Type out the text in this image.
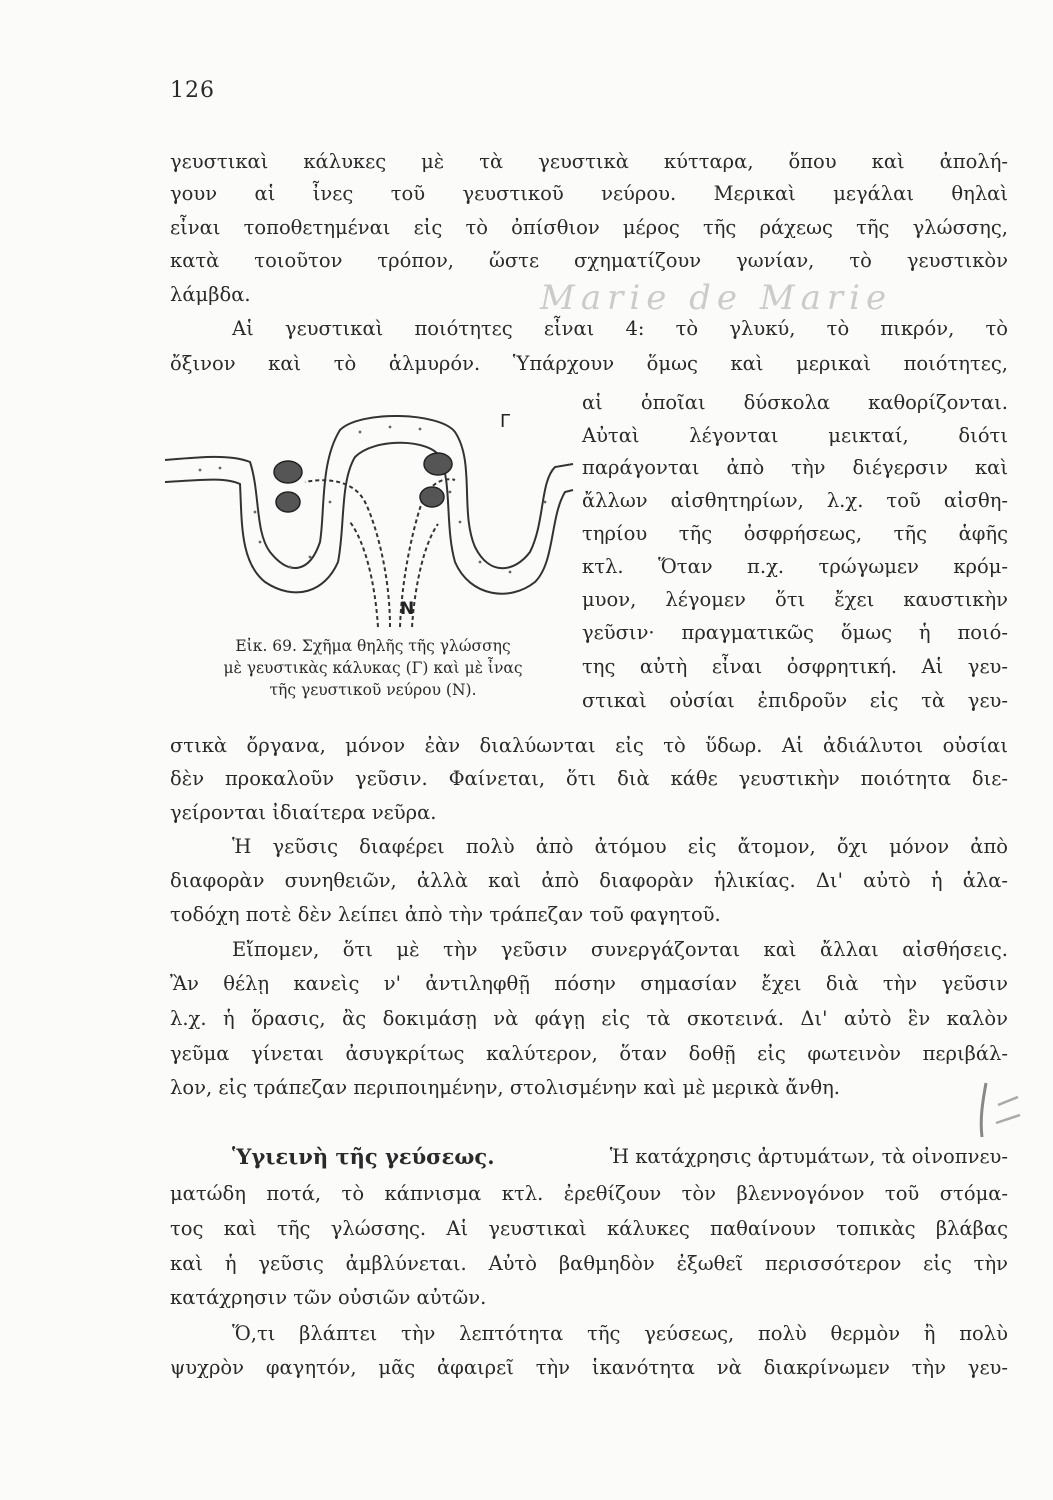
126
Marie de Marie
γευστικαὶ κάλυκες μὲ τὰ γευστικὰ κύτταρα, ὅπου καὶ ἀπολή-
γουν αἱ ἶνες τοῦ γευστικοῦ νεύρου. Μερικαὶ μεγάλαι θηλαὶ
εἶναι τοποθετημέναι εἰς τὸ ὀπίσθιον μέρος τῆς ράχεως τῆς γλώσσης,
κατὰ τοιοῦτον τρόπον, ὥστε σχηματίζουν γωνίαν, τὸ γευστικὸν
λάμβδα.
Αἱ γευστικαὶ ποιότητες εἶναι 4: τὸ γλυκύ, τὸ πικρόν, τὸ
ὄξινον καὶ τὸ ἁλμυρόν. Ὑπάρχουν ὅμως καὶ μερικαὶ ποιότητες,
Γ
N
Εἰκ. 69. Σχῆμα θηλῆς τῆς γλώσσης
μὲ γευστικὰς κάλυκας (Γ) καὶ μὲ ἶνας
τῆς γευστικοῦ νεύρου (N).
αἱ ὁποῖαι δύσκολα καθορίζονται.
Αὐταὶ λέγονται μεικταί, διότι
παράγονται ἀπὸ τὴν διέγερσιν καὶ
ἄλλων αἰσθητηρίων, λ.χ. τοῦ αἰσθη-
τηρίου τῆς ὀσφρήσεως, τῆς ἁφῆς
κτλ. Ὅταν π.χ. τρώγωμεν κρόμ-
μυον, λέγομεν ὅτι ἔχει καυστικὴν
γεῦσιν· πραγματικῶς ὅμως ἡ ποιό-
της αὐτὴ εἶναι ὀσφρητική. Αἱ γευ-
στικαὶ οὐσίαι ἐπιδροῦν εἰς τὰ γευ-
στικὰ ὄργανα, μόνον ἐὰν διαλύωνται εἰς τὸ ὕδωρ. Αἱ ἀδιάλυτοι οὐσίαι
δὲν προκαλοῦν γεῦσιν. Φαίνεται, ὅτι διὰ κάθε γευστικὴν ποιότητα διε-
γείρονται ἰδιαίτερα νεῦρα.
Ἡ γεῦσις διαφέρει πολὺ ἀπὸ ἀτόμου εἰς ἄτομον, ὄχι μόνον ἀπὸ
διαφορὰν συνηθειῶν, ἀλλὰ καὶ ἀπὸ διαφορὰν ἡλικίας. Δι' αὐτὸ ἡ ἁλα-
τοδόχη ποτὲ δὲν λείπει ἀπὸ τὴν τράπεζαν τοῦ φαγητοῦ.
Εἴπομεν, ὅτι μὲ τὴν γεῦσιν συνεργάζονται καὶ ἄλλαι αἰσθήσεις.
Ἂν θέλῃ κανεὶς ν' ἀντιληφθῇ πόσην σημασίαν ἔχει διὰ τὴν γεῦσιν
λ.χ. ἡ ὅρασις, ἂς δοκιμάσῃ νὰ φάγῃ εἰς τὰ σκοτεινά. Δι' αὐτὸ ἓν καλὸν
γεῦμα γίνεται ἀσυγκρίτως καλύτερον, ὅταν δοθῇ εἰς φωτεινὸν περιβάλ-
λον, εἰς τράπεζαν περιποιημένην, στολισμένην καὶ μὲ μερικὰ ἄνθη.
Ὑγιεινὴ τῆς γεύσεως.	Ἡ κατάχρησις ἀρτυμάτων, τὰ οἰνοπνευ-
ματώδη ποτά, τὸ κάπνισμα κτλ. ἐρεθίζουν τὸν βλεννογόνον τοῦ στόμα-
τος καὶ τῆς γλώσσης. Αἱ γευστικαὶ κάλυκες παθαίνουν τοπικὰς βλάβας
καὶ ἡ γεῦσις ἀμβλύνεται. Αὐτὸ βαθμηδὸν ἐξωθεῖ περισσότερον εἰς τὴν
κατάχρησιν τῶν οὐσιῶν αὐτῶν.
Ὅ,τι βλάπτει τὴν λεπτότητα τῆς γεύσεως, πολὺ θερμὸν ἢ πολὺ
ψυχρὸν φαγητόν, μᾶς ἀφαιρεῖ τὴν ἱκανότητα νὰ διακρίνωμεν τὴν γευ-
